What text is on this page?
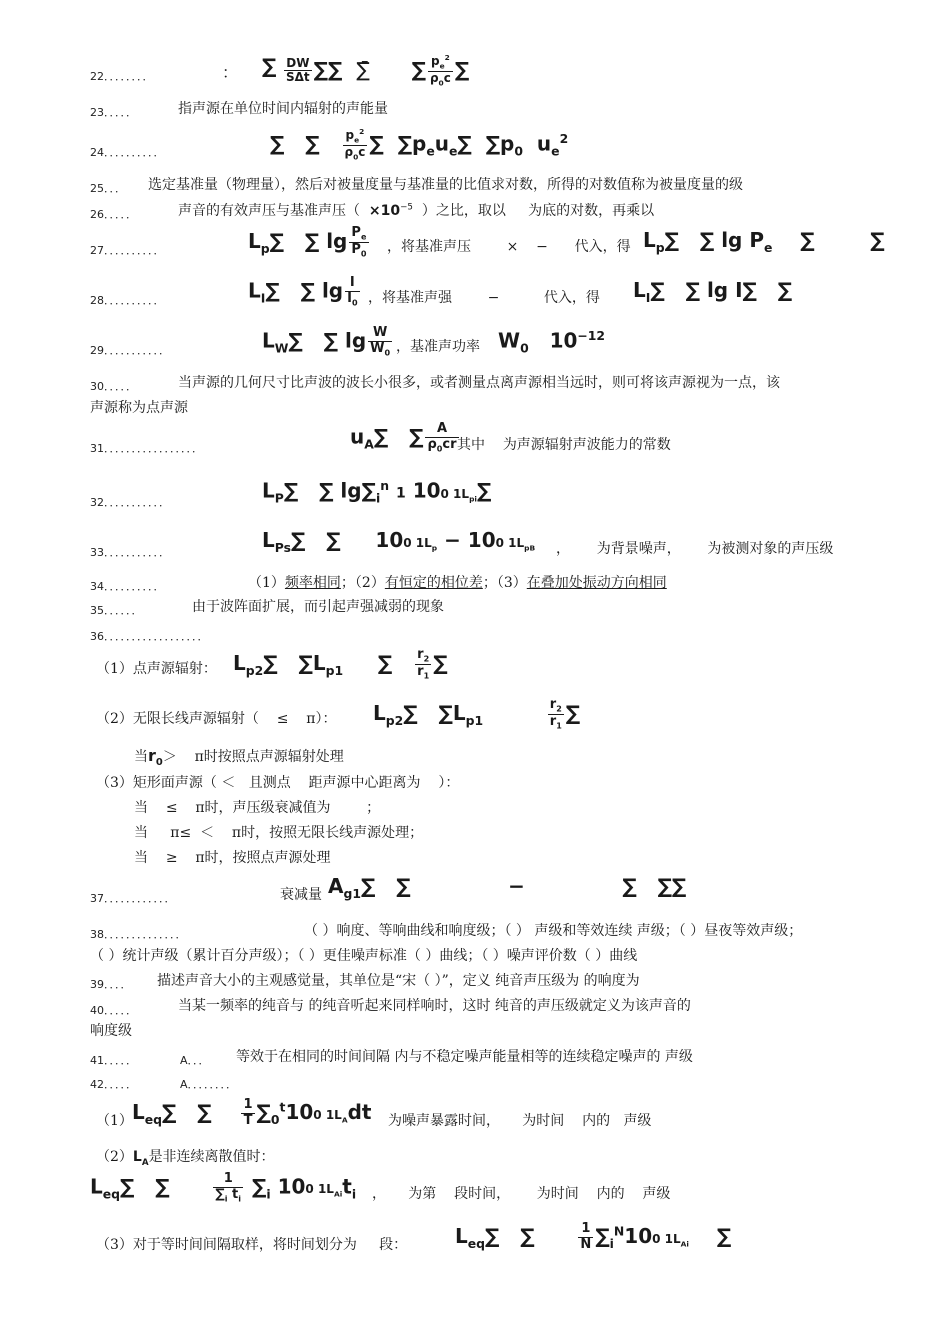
22．．．．．．．．	： ∑ $\frac{DW}{\text{SΔt}}$ ∑∑  ∑̄      ∑ $\frac{p_e^2}{\rho_0c}$ ∑
23．．．．．	指声源在单位时间内辐射的声能量
24．．．．．．．．．．	∑   ∑ $\frac{p_e^2}{\rho_0c}$ ∑  $\sum p_eu_e\sum$  $\sum p_0$  $u_e^2$
25．．． 选定基准量（物理量），然后对被量度量与基准量的比值求对数，所得的对数值称为被量度量的级
26．．．．．	声音的有效声压与基准声压（ $\times 10^{-5}$ ）之比，取以 为底的对数，再乘以
27．．．．．．．．．．	$L_p\sum$   ∑ $\lg \frac{P_e}{P_0}$ ，将基准声压	× − 代入，得 $L_p\sum$   ∑ $\lg P_e$    ∑        ∑
28．．．．．．．．．．	$L_I\sum$   ∑ $\lg \frac{I}{I_0}$ ，将基准声强	−	代入，得 $L_I\sum$   ∑ lg I∑   ∑
29．．．．．．．．．．．	$L_W\sum$   ∑ $\lg \frac{W}{W_0}$ ，基准声功率 $W_0$ $10^{-12}$
30．．．．．	当声源的几何尺寸比声波的波长小很多，或者测量点离声源相当远时，则可将该声源视为一点，该
声源称为点声源
31．．．．．．．．．．．．．．．．．
$u_A\sum$   ∑ $\frac{A}{\rho_0cr}$
其中 为声源辐射声波能力的常数
32．．．．．．．．．．．	$L_P\sum$   ∑ $\lg\sum_i^n$ 1 100 $1L_{pi}\sum$
33．．．．．．．．．．．
$L_{Ps}\sum$   ∑     100 $1L_p - 100$ $1L_{pB}$ ， 为背景噪声， 为被测对象的声压级
34．．．．．．．．．．	（1）频率相同；（2）有恒定的相位差；（3）在叠加处振动方向相同
35．．．．．．	由于波阵面扩展，而引起声强减弱的现象
36．．．．．．．．．．．．．．．．．．
（1）点声源辐射： $L_{p2}\sum$   $\sum L_{p1}$     ∑ $\frac{r_2}{r_1}$ ∑
（2）无限长线声源辐射（ ≤ π）： $L_{p2}\sum$   $\sum L_{p1}$	$\frac{r_2}{r_1}$ ∑
当$r_0> \pi$时按照点声源辐射处理
（3）矩形面声源（ ＜ 且测点 距声源中心距离为 ）：
当 ≤ π时，声压级衰减值为	；
当 π≤ ＜ π时，按照无限长线声源处理；
当 ≥ π时，按照点声源处理
37．．．．．．．．．．．．	衰减量 $A_{g1}\sum$   ∑              −              ∑   ∑∑
38．．．．．．．．．．．．．．	（ ）响度、等响曲线和响度级；（ ） 声级和等效连续 声级；（ ）昼夜等效声级；
（ ）统计声级（累计百分声级）；（ ）更佳噪声标准（ ）曲线；（ ）噪声评价数（ ）曲线
39．．．． 描述声音大小的主观感觉量，其单位是“宋（ ）”，定义 纯音声压级为 的响度为
40．．．．．	当某一频率的纯音与 的纯音听起来同样响时，这时 纯音的声压级就定义为该声音的
响度级
41．．．．．	A．．． 等效于在相同的时间间隔 内与不稳定噪声能量相等的连续稳定噪声的 声级
42．．．．．	A．．．．．．．．
（1） $L_{eq}\sum$   ∑ $\frac{1}{T} \sum_0^t100$ $1L_Adt$ 为噪声暴露时间， 为时间 内的 声级
$(2)L_A$是非连续离散值时：
$L_{eq}\sum$   ∑ $\frac{1}{\sum_i t_i} \sum_i$ 100 $1L_{Ai}t_i$ ， 为第 段时间， 为时间 内的 声级
（3）对于等时间间隔取样，将时间划分为 段： $L_{eq}\sum$   ∑ $\frac{1}{N} \sum_i^N100$ $1L_{Ai}$    ∑
